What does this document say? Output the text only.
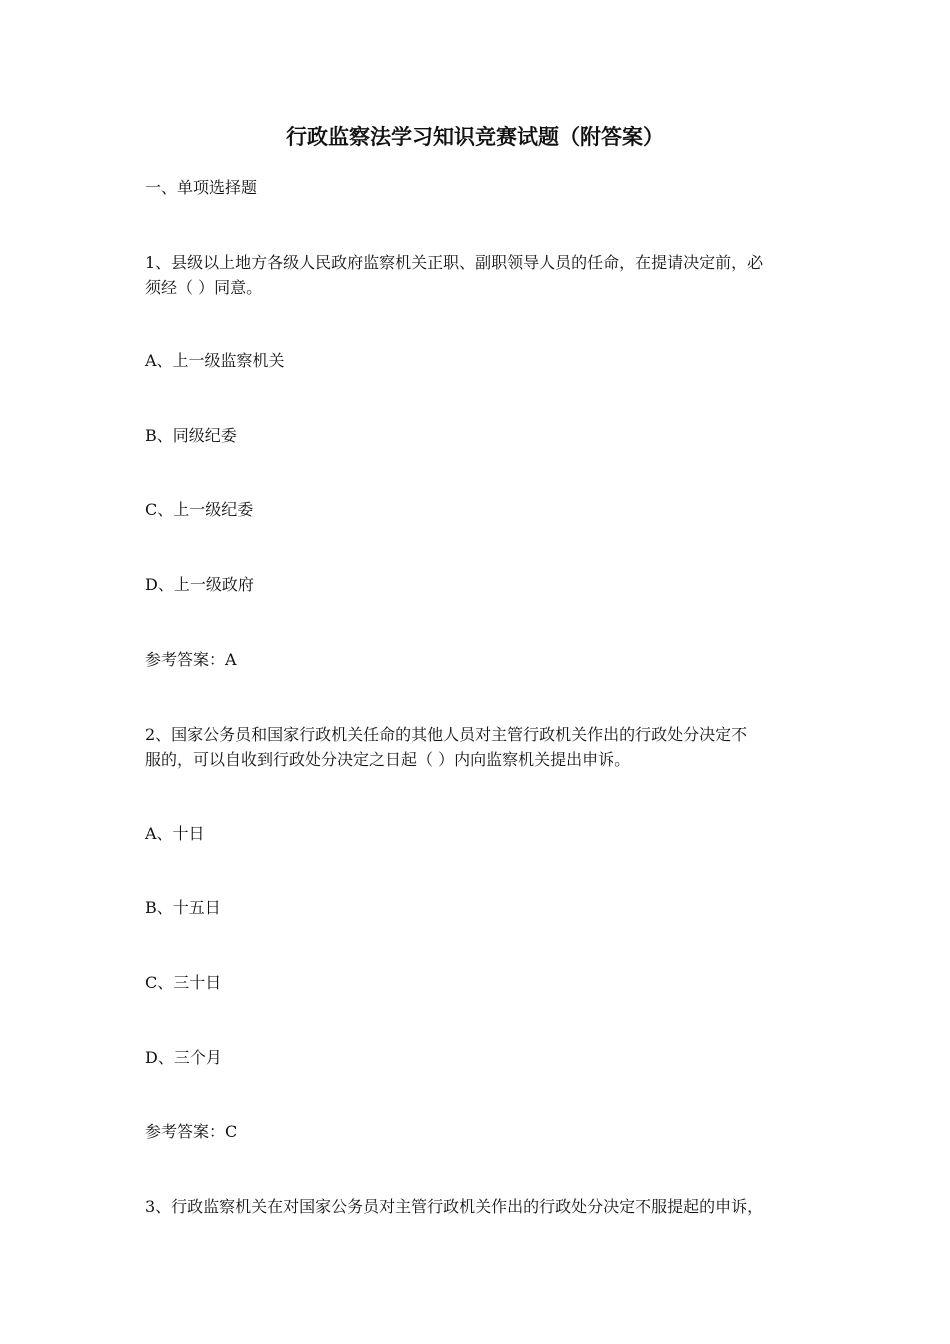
行政监察法学习知识竞赛试题（附答案）
一、单项选择题
1、县级以上地方各级人民政府监察机关正职、副职领导人员的任命，在提请决定前，必
须经（ ）同意。
A、上一级监察机关
B、同级纪委
C、上一级纪委
D、上一级政府
参考答案：A
2、国家公务员和国家行政机关任命的其他人员对主管行政机关作出的行政处分决定不
服的，可以自收到行政处分决定之日起（ ）内向监察机关提出申诉。
A、十日
B、十五日
C、三十日
D、三个月
参考答案：C
3、行政监察机关在对国家公务员对主管行政机关作出的行政处分决定不服提起的申诉，
